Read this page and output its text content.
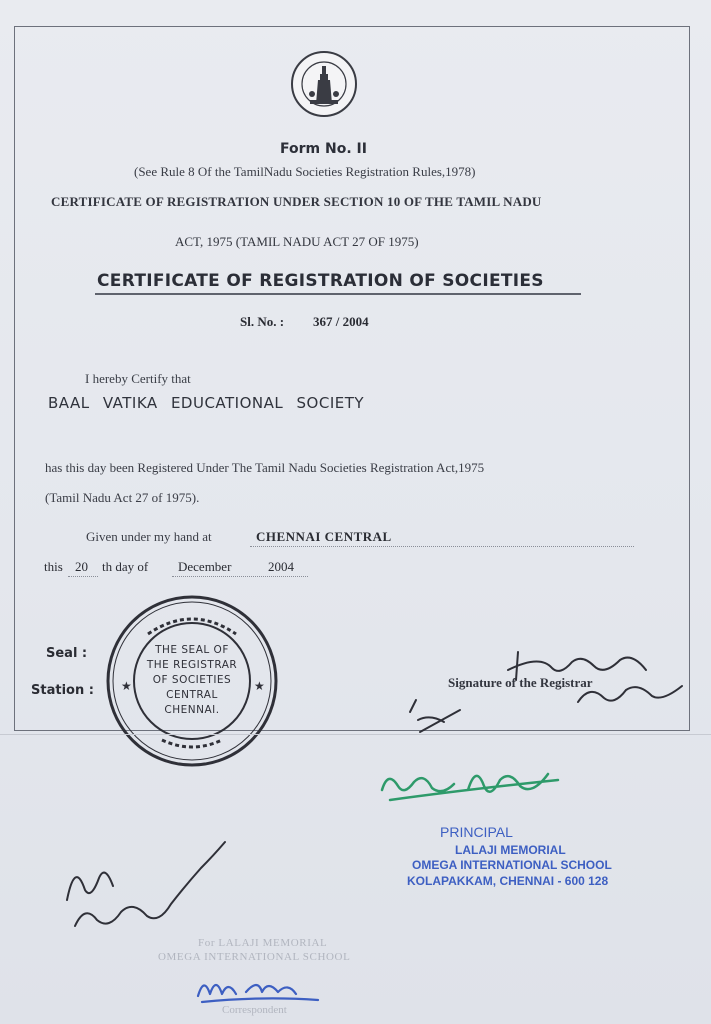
Form No. II
(See Rule 8 Of the TamilNadu Societies Registration Rules,1978)
CERTIFICATE OF REGISTRATION UNDER SECTION 10 OF THE TAMIL NADU
ACT, 1975 (TAMIL NADU ACT 27 OF 1975)
CERTIFICATE OF REGISTRATION OF SOCIETIES
Sl. No. : 367 / 2004
I hereby Certify that
BAAL VATIKA EDUCATIONAL SOCIETY
has this day been Registered Under The Tamil Nadu Societies Registration Act,1975
(Tamil Nadu Act 27 of 1975).
Given under my hand at	CHENNAI CENTRAL
this 20 th day of December	2004
Seal :
Station : ★	★
THE SEAL OF
THE REGISTRAR
OF SOCIETIES
CENTRAL
CHENNAI.
Signature of the Registrar
PRINCIPAL
LALAJI MEMORIAL
OMEGA INTERNATIONAL SCHOOL
KOLAPAKKAM, CHENNAI - 600 128
For LALAJI MEMORIAL
OMEGA INTERNATIONAL SCHOOL
Correspondent
